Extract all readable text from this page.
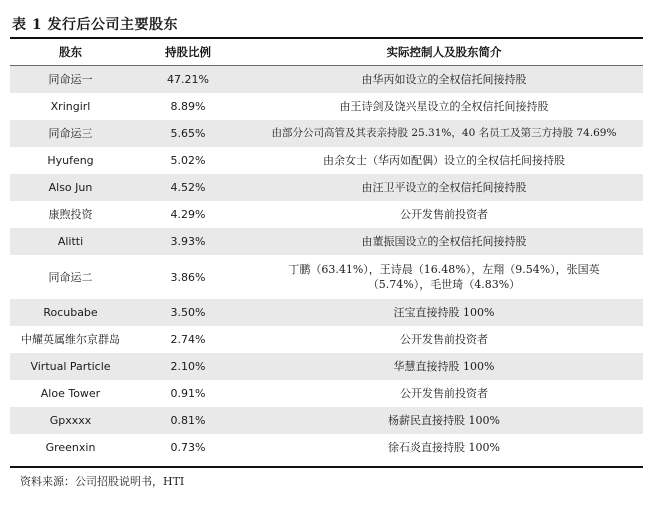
表 1 发行后公司主要股东
股东	持股比例	实际控制人及股东简介
同命运一	47.21%	由华丙如设立的全权信托间接持股
Xringirl	8.89%	由王诗剑及饶兴星设立的全权信托间接持股
同命运三	5.65%	由部分公司高管及其表亲持股 25.31%，40 名员工及第三方持股 74.69%
Hyufeng	5.02%	由余女士（华丙如配偶）设立的全权信托间接持股
Also Jun	4.52%	由汪卫平设立的全权信托间接持股
康煦投资	4.29%	公开发售前投资者
Alitti	3.93%	由董振国设立的全权信托间接持股
同命运二	3.86%	丁鹏（63.41%），王诗晨（16.48%），左翔（9.54%），张国英
（5.74%），毛世琦（4.83%）

Rocubabe	3.50%	汪宝直接持股 100%
中耀英属维尔京群岛	2.74%	公开发售前投资者
Virtual Particle	2.10%	华慧直接持股 100%
Aloe Tower	0.91%	公开发售前投资者
Gpxxxx	0.81%	杨薪民直接持股 100%
Greenxin	0.73%	徐石炎直接持股 100%
资料来源：公司招股说明书，HTI
